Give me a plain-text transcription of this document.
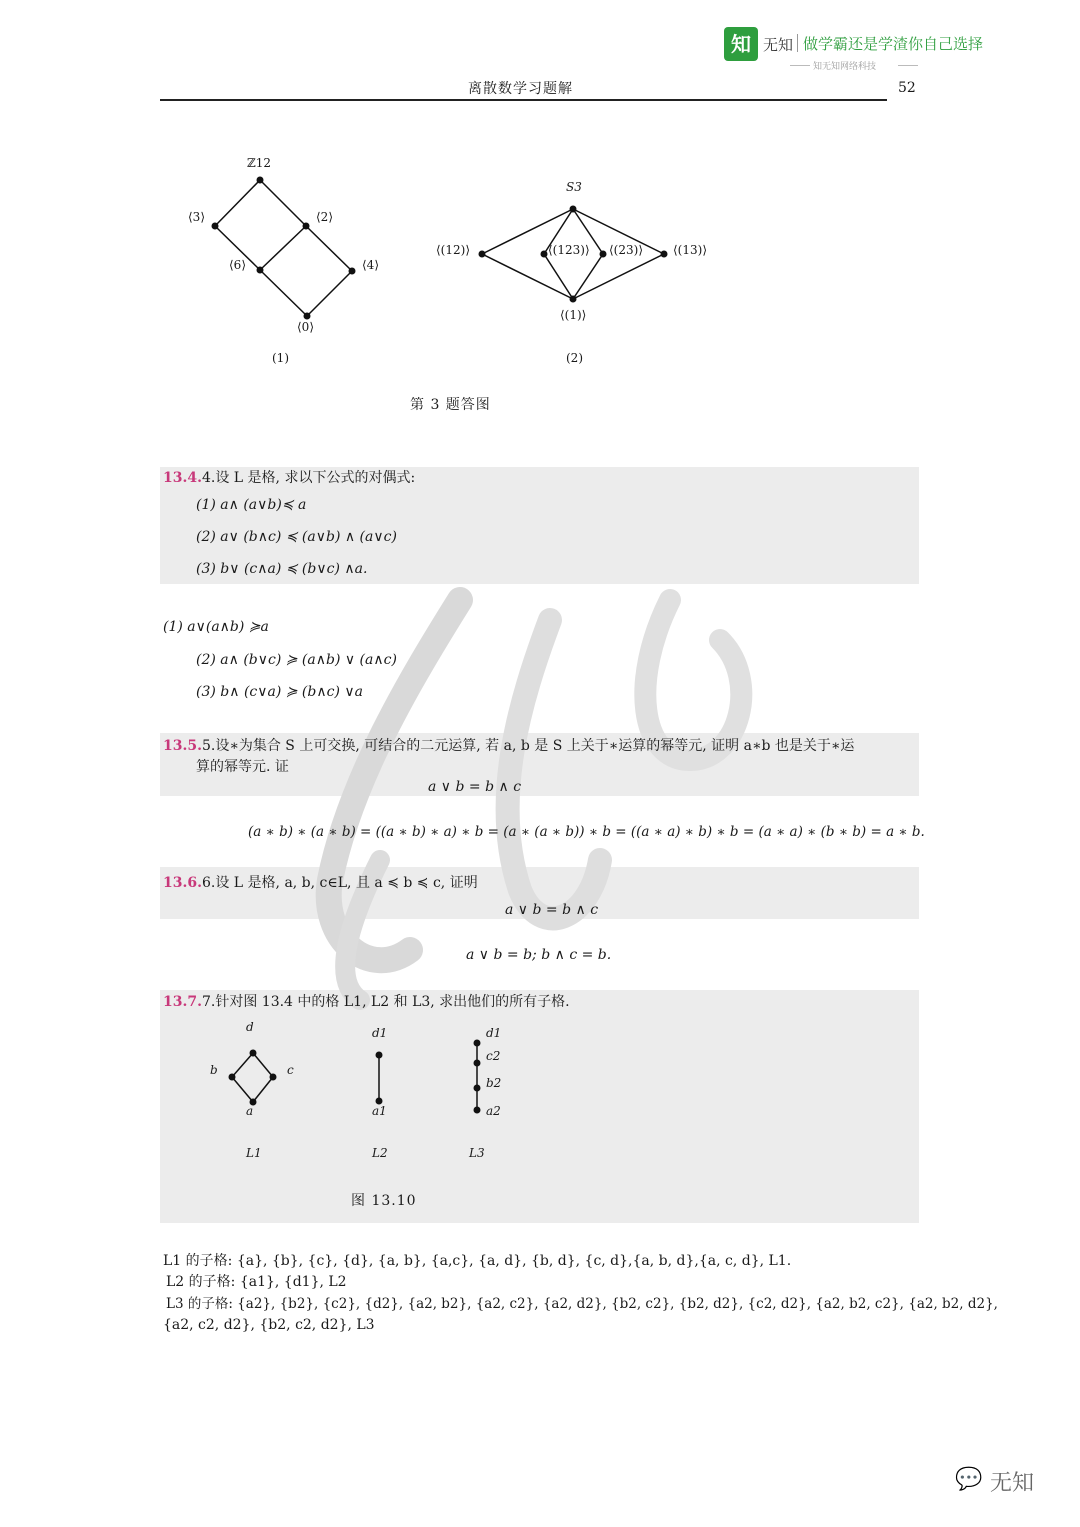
知 无知 做学霸还是学渣你自己选择
知无知网络科技
离散数学习题解	52
ℤ12
⟨3⟩	⟨2⟩
⟨6⟩	⟨4⟩
⟨0⟩
(1)
S3
⟨(12)⟩	⟨(123)⟩ ⟨(23)⟩	⟨(13)⟩
⟨(1)⟩
(2)
第 3 题答图
13.4.4.设 L 是格, 求以下公式的对偶式:
(1) a∧ (a∨b)≼ a
(2) a∨ (b∧c) ≼ (a∨b) ∧ (a∨c)
(3) b∨ (c∧a) ≼ (b∨c) ∧a.
(1) a∨(a∧b) ≽a
(2) a∧ (b∨c) ≽ (a∧b) ∨ (a∧c)
(3) b∧ (c∨a) ≽ (b∧c) ∨a
13.5.5.设∗为集合 S 上可交换, 可结合的二元运算, 若 a, b 是 S 上关于∗运算的幂等元, 证明 a∗b 也是关于∗运
算的幂等元. 证
a ∨ b = b ∧ c
(a ∗ b) ∗ (a ∗ b) = ((a ∗ b) ∗ a) ∗ b = (a ∗ (a ∗ b)) ∗ b = ((a ∗ a) ∗ b) ∗ b = (a ∗ a) ∗ (b ∗ b) = a ∗ b.
13.6.6.设 L 是格, a, b, c∈L, 且 a ≼ b ≼ c, 证明
a ∨ b = b ∧ c
a ∨ b = b; b ∧ c = b.
13.7.7.针对图 13.4 中的格 L1, L2 和 L3, 求出他们的所有子格.
d
b	c
a
L1
d1
a1
L2
d1
c2
b2
a2
L3
图 13.10
L1 的子格: {a}, {b}, {c}, {d}, {a, b}, {a,c}, {a, d}, {b, d}, {c, d},{a, b, d},{a, c, d}, L1.
L2 的子格: {a1}, {d1}, L2
L3 的子格: {a2}, {b2}, {c2}, {d2}, {a2, b2}, {a2, c2}, {a2, d2}, {b2, c2}, {b2, d2}, {c2, d2}, {a2, b2, c2}, {a2, b2, d2},
{a2, c2, d2}, {b2, c2, d2}, L3
💬 无知
